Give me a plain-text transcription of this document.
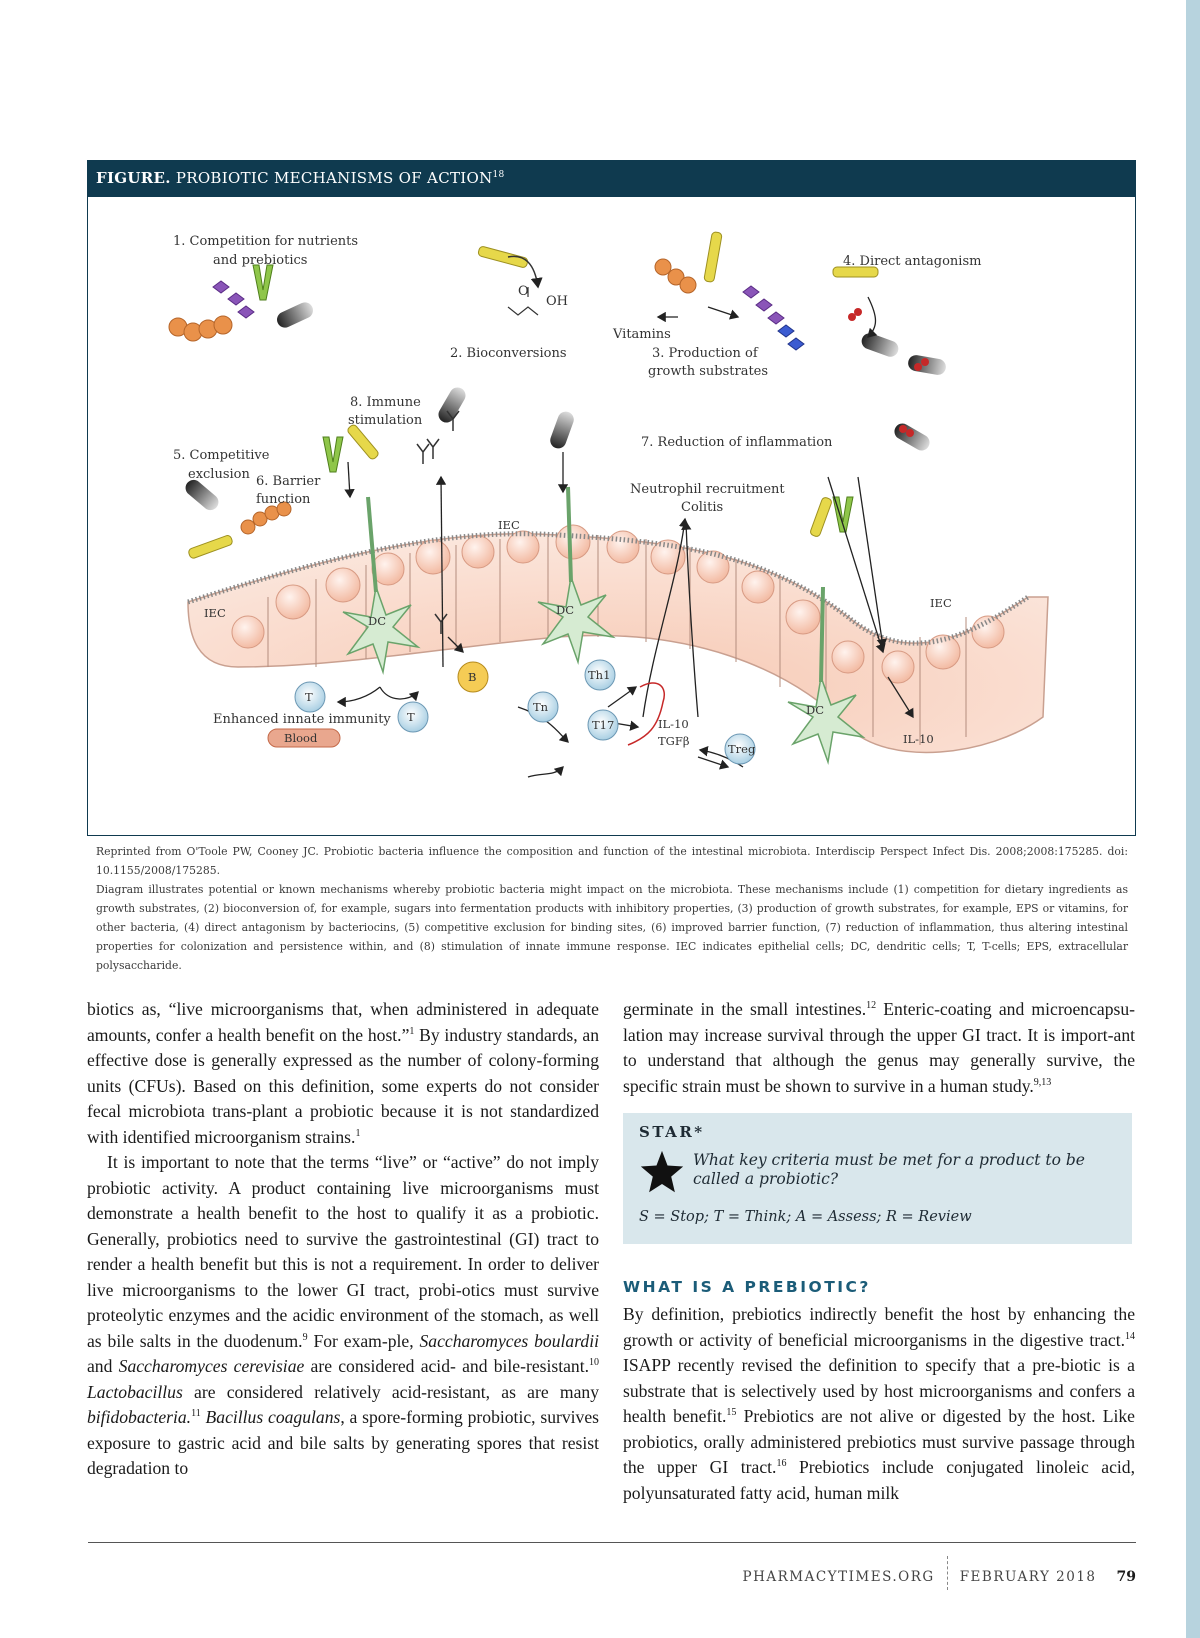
FIGURE. PROBIOTIC MECHANISMS OF ACTION$^{18}$
1. Competition for nutrients
and prebiotics
2. Bioconversions
OH
O
Vitamins
3. Production of
growth substrates
4. Direct antagonism
5. Competitive
exclusion 6. Barrier
function
8. Immune
stimulation
7. Reduction of inflammation
Neutrophil recruitment
Colitis
IEC
IEC
IEC
DC
DC
DC
T
T
B
Tn
Th1
T17
Treg
IL-10
TGFβ	IL-10
Enhanced innate immunity
Blood

Reprinted from O'Toole PW, Cooney JC. Probiotic bacteria influence the composition and function of the intestinal microbiota. Interdiscip Perspect Infect Dis. 2008;2008:175285. doi: 10.1155/2008/175285.

Diagram illustrates potential or known mechanisms whereby probiotic bacteria might impact on the microbiota. These mechanisms include (1) competition for dietary ingredients as growth substrates, (2) bioconversion of, for example, sugars into fermentation products with inhibitory properties, (3) production of growth substrates, for example, EPS or vitamins, for other bacteria, (4) direct antagonism by bacteriocins, (5) competitive exclusion for binding sites, (6) improved barrier function, (7) reduction of inflammation, thus altering intestinal properties for colonization and persistence within, and (8) stimulation of innate immune response. IEC indicates epithelial cells; DC, dendritic cells; T, T-cells; EPS, extracellular polysaccharide.

biotics as, “live microorganisms that, when administered in adequate amounts, confer a health benefit on the host.”$^1$ By industry standards, an effective dose is generally expressed as the number of colony-forming units (CFUs). Based on this definition, some experts do not consider fecal microbiota trans-plant a probiotic because it is not standardized with identified microorganism strains.$^1$

It is important to note that the terms “live” or “active” do not imply probiotic activity. A product containing live microorganisms must demonstrate a health benefit to the host to qualify it as a probiotic. Generally, probiotics need to survive the gastrointestinal (GI) tract to render a health benefit but this is not a requirement. In order to deliver live microorganisms to the lower GI tract, probi-otics must survive proteolytic enzymes and the acidic environment of the stomach, as well as bile salts in the duodenum.$^9$ For exam-ple, Saccharomyces boulardii and Saccharomyces cerevisiae are considered acid- and bile-resistant.$^{10}$ Lactobacillus are considered relatively acid-resistant, as are many bifidobacteria.$^{11}$ Bacillus coagulans, a spore-forming probiotic, survives exposure to gastric acid and bile salts by generating spores that resist degradation to

germinate in the small intestines.$^{12}$ Enteric-coating and microencapsu-lation may increase survival through the upper GI tract. It is import-ant to understand that although the genus may generally survive, the specific strain must be shown to survive in a human study.$^{9,13}$

STAR*
What key criteria must be met for a product to be called a probiotic?
S = Stop; T = Think; A = Assess; R = Review
WHAT IS A PREBIOTIC?

By definition, prebiotics indirectly benefit the host by enhancing the growth or activity of beneficial microorganisms in the digestive tract.$^{14}$ ISAPP recently revised the definition to specify that a pre-biotic is a substrate that is selectively used by host microorganisms and confers a health benefit.$^{15}$ Prebiotics are not alive or digested by the host. Like probiotics, orally administered prebiotics must survive passage through the upper GI tract.$^{16}$ Prebiotics include conjugated linoleic acid, polyunsaturated fatty acid, human milk

PHARMACYTIMES.ORG FEBRUARY 2018 79
